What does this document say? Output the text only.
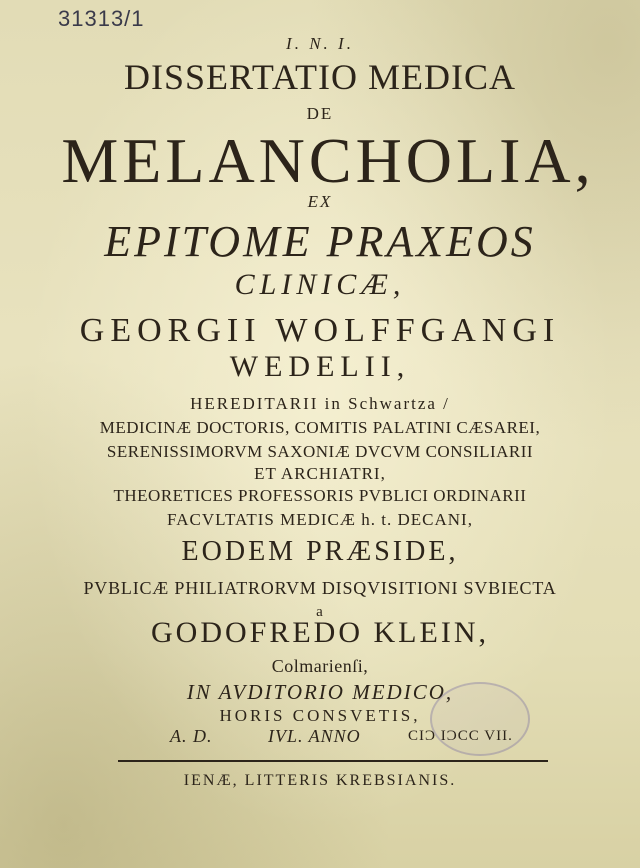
31313/1
I. N. I.
DISSERTATIO MEDICA
DE
MELANCHOLIA,
EX
EPITOME PRAXEOS
CLINICÆ,
GEORGII WOLFFGANGI
WEDELII,
HEREDITARII in Schwartza /
MEDICINÆ DOCTORIS, COMITIS PALATINI CÆSAREI,
SERENISSIMORVM SAXONIÆ DVCVM CONSILIARII
ET ARCHIATRI,
THEORETICES PROFESSORIS PVBLICI ORDINARII
FACVLTATIS MEDICÆ h. t. DECANI,
EODEM PRÆSIDE,
PVBLICÆ PHILIATRORVM DISQVISITIONI SVBIECTA
a
GODOFREDO KLEIN,
Colmarienſi,
IN AVDITORIO MEDICO,
HORIS CONSVETIS,
A. D.	IVL. ANNO	CIϽ IϽCC VII.
IENÆ, LITTERIS KREBSIANIS.
